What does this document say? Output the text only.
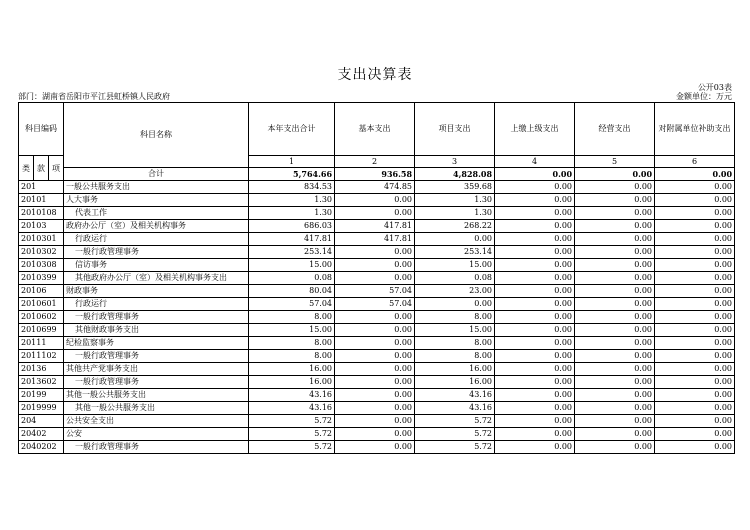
支出决算表
公开03表
部门：湖南省岳阳市平江县虹桥镇人民政府	金额单位：万元
科目编码			科目名称	本年支出合计	基本支出	项目支出	上缴上级支出	经营支出	对附属单位补助支出
类	款	项		1	2	3	4	5	6
			合计	5,764.66	936.58	4,828.08	0.00	0.00	0.00
201			一般公共服务支出	834.53	474.85	359.68	0.00	0.00	0.00
20101			人大事务	1.30	0.00	1.30	0.00	0.00	0.00
2010108			代表工作	1.30	0.00	1.30	0.00	0.00	0.00
20103			政府办公厅（室）及相关机构事务	686.03	417.81	268.22	0.00	0.00	0.00
2010301			行政运行	417.81	417.81	0.00	0.00	0.00	0.00
2010302			一般行政管理事务	253.14	0.00	253.14	0.00	0.00	0.00
2010308			信访事务	15.00	0.00	15.00	0.00	0.00	0.00
2010399			其他政府办公厅（室）及相关机构事务支出	0.08	0.00	0.08	0.00	0.00	0.00
20106			财政事务	80.04	57.04	23.00	0.00	0.00	0.00
2010601			行政运行	57.04	57.04	0.00	0.00	0.00	0.00
2010602			一般行政管理事务	8.00	0.00	8.00	0.00	0.00	0.00
2010699			其他财政事务支出	15.00	0.00	15.00	0.00	0.00	0.00
20111			纪检监察事务	8.00	0.00	8.00	0.00	0.00	0.00
2011102			一般行政管理事务	8.00	0.00	8.00	0.00	0.00	0.00
20136			其他共产党事务支出	16.00	0.00	16.00	0.00	0.00	0.00
2013602			一般行政管理事务	16.00	0.00	16.00	0.00	0.00	0.00
20199			其他一般公共服务支出	43.16	0.00	43.16	0.00	0.00	0.00
2019999			其他一般公共服务支出	43.16	0.00	43.16	0.00	0.00	0.00
204			公共安全支出	5.72	0.00	5.72	0.00	0.00	0.00
20402			公安	5.72	0.00	5.72	0.00	0.00	0.00
2040202			一般行政管理事务	5.72	0.00	5.72	0.00	0.00	0.00
